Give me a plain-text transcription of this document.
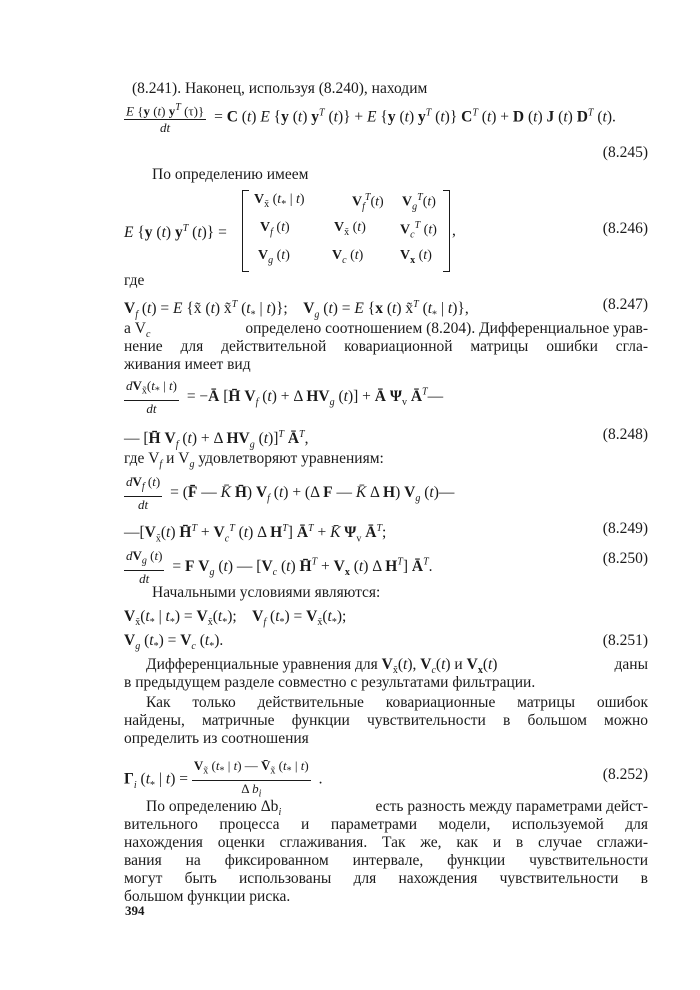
(8.241). Наконец, используя (8.240), находим
$\frac{E \{y (t) y^T (\tau)\}}{dt} = C$ (t) E {y (t) $y^T$ (t)} + E {y (t) $y^T$ (t)} $C^T$ (t) + D (t) J (t) $D^T$ (t).
(8.245)
По определению имеем
E {y (t) $y^T$ (t)} =
$V_{x̃}$ ($t_*$ | t)	$V_f^T(t)$ $V_g^T(t)$
$V_f$ (t)	$V_{x̃}$ (t) $V_c^T$ (t)
$V_g$ (t)	$V_c$ (t)	$V_x$ (t)
,	(8.246)
где
$V_f$ (t) = E {x̃ (t) x̃$^T$ ($t_*$ | t)};    $V_g$ (t) = E {x (t) x̃$^T$ ($t_*$ | t)},	(8.247)
а $V_c$	определено соотношением (8.204). Дифференциальное урав-
нение для действительной ковариационной матрицы ошибки сгла-
живания имеет вид
$\frac{dV_{x̃}(t_* | t)}{dt}$ = −Ā [H̄ $V_f$ (t) + Δ $HV_g$ (t)] + Ā $\Psi_v$ $Ā^T—$
— [H̄ $V_f$ (t) + Δ $HV_g$ (t)]$^T$ $Ā^T$,	(8.248)
где $V_f$ и $V_g$ удовлетворяют уравнениям:
$\frac{dV_f (t)}{dt}$ = (F̄ — K̄ H̄) $V_f$ (t) + (Δ F — K̄ Δ H) $V_g$ (t)—
$—[V_{x̃}(t)$ H̄$^T$ + $V_c^T$ (t) Δ $H^T$] $Ā^T$ + K̄ $\Psi_v$ $Ā^T$;	(8.249)
$\frac{dV_g (t)}{dt} = F$ $V_g$ (t) — [$V_c$ (t) H̄$^T$ + $V_x$ (t) Δ $H^T$] $Ā^T$.	(8.250)
Начальными условиями являются:
$V_{x̃}(t_*$ | $t_*) = V_{x̃}(t_*)$;    $V_f$ $(t_*) = V_{x̃}(t_*)$;
$V_g$ $(t_*) = V_c$ $(t_*)$.	(8.251)
Дифференциальные уравнения для $V_{x̃}(t)$, $V_c(t)$ и $V_x(t)$	даны
в предыдущем разделе совместно с результатами фильтрации.
Как только действительные ковариационные матрицы ошибок
найдены, матричные функции чувствительности в большом можно
определить из соотношения
$\Gamma_i$ ($t_*$ | $t) = \frac{V_{x̃} (t_* | t) — V̄_{x̃} (t_* | t)}{\Delta b_i}$ .	(8.252)
По определению $\Delta b_i$	есть разность между параметрами дейст-
вительного процесса и параметрами модели, используемой для
нахождения оценки сглаживания. Так же, как и в случае сглажи-
вания на фиксированном интервале, функции чувствительности
могут быть использованы для нахождения чувствительности в
большом функции риска.
394
